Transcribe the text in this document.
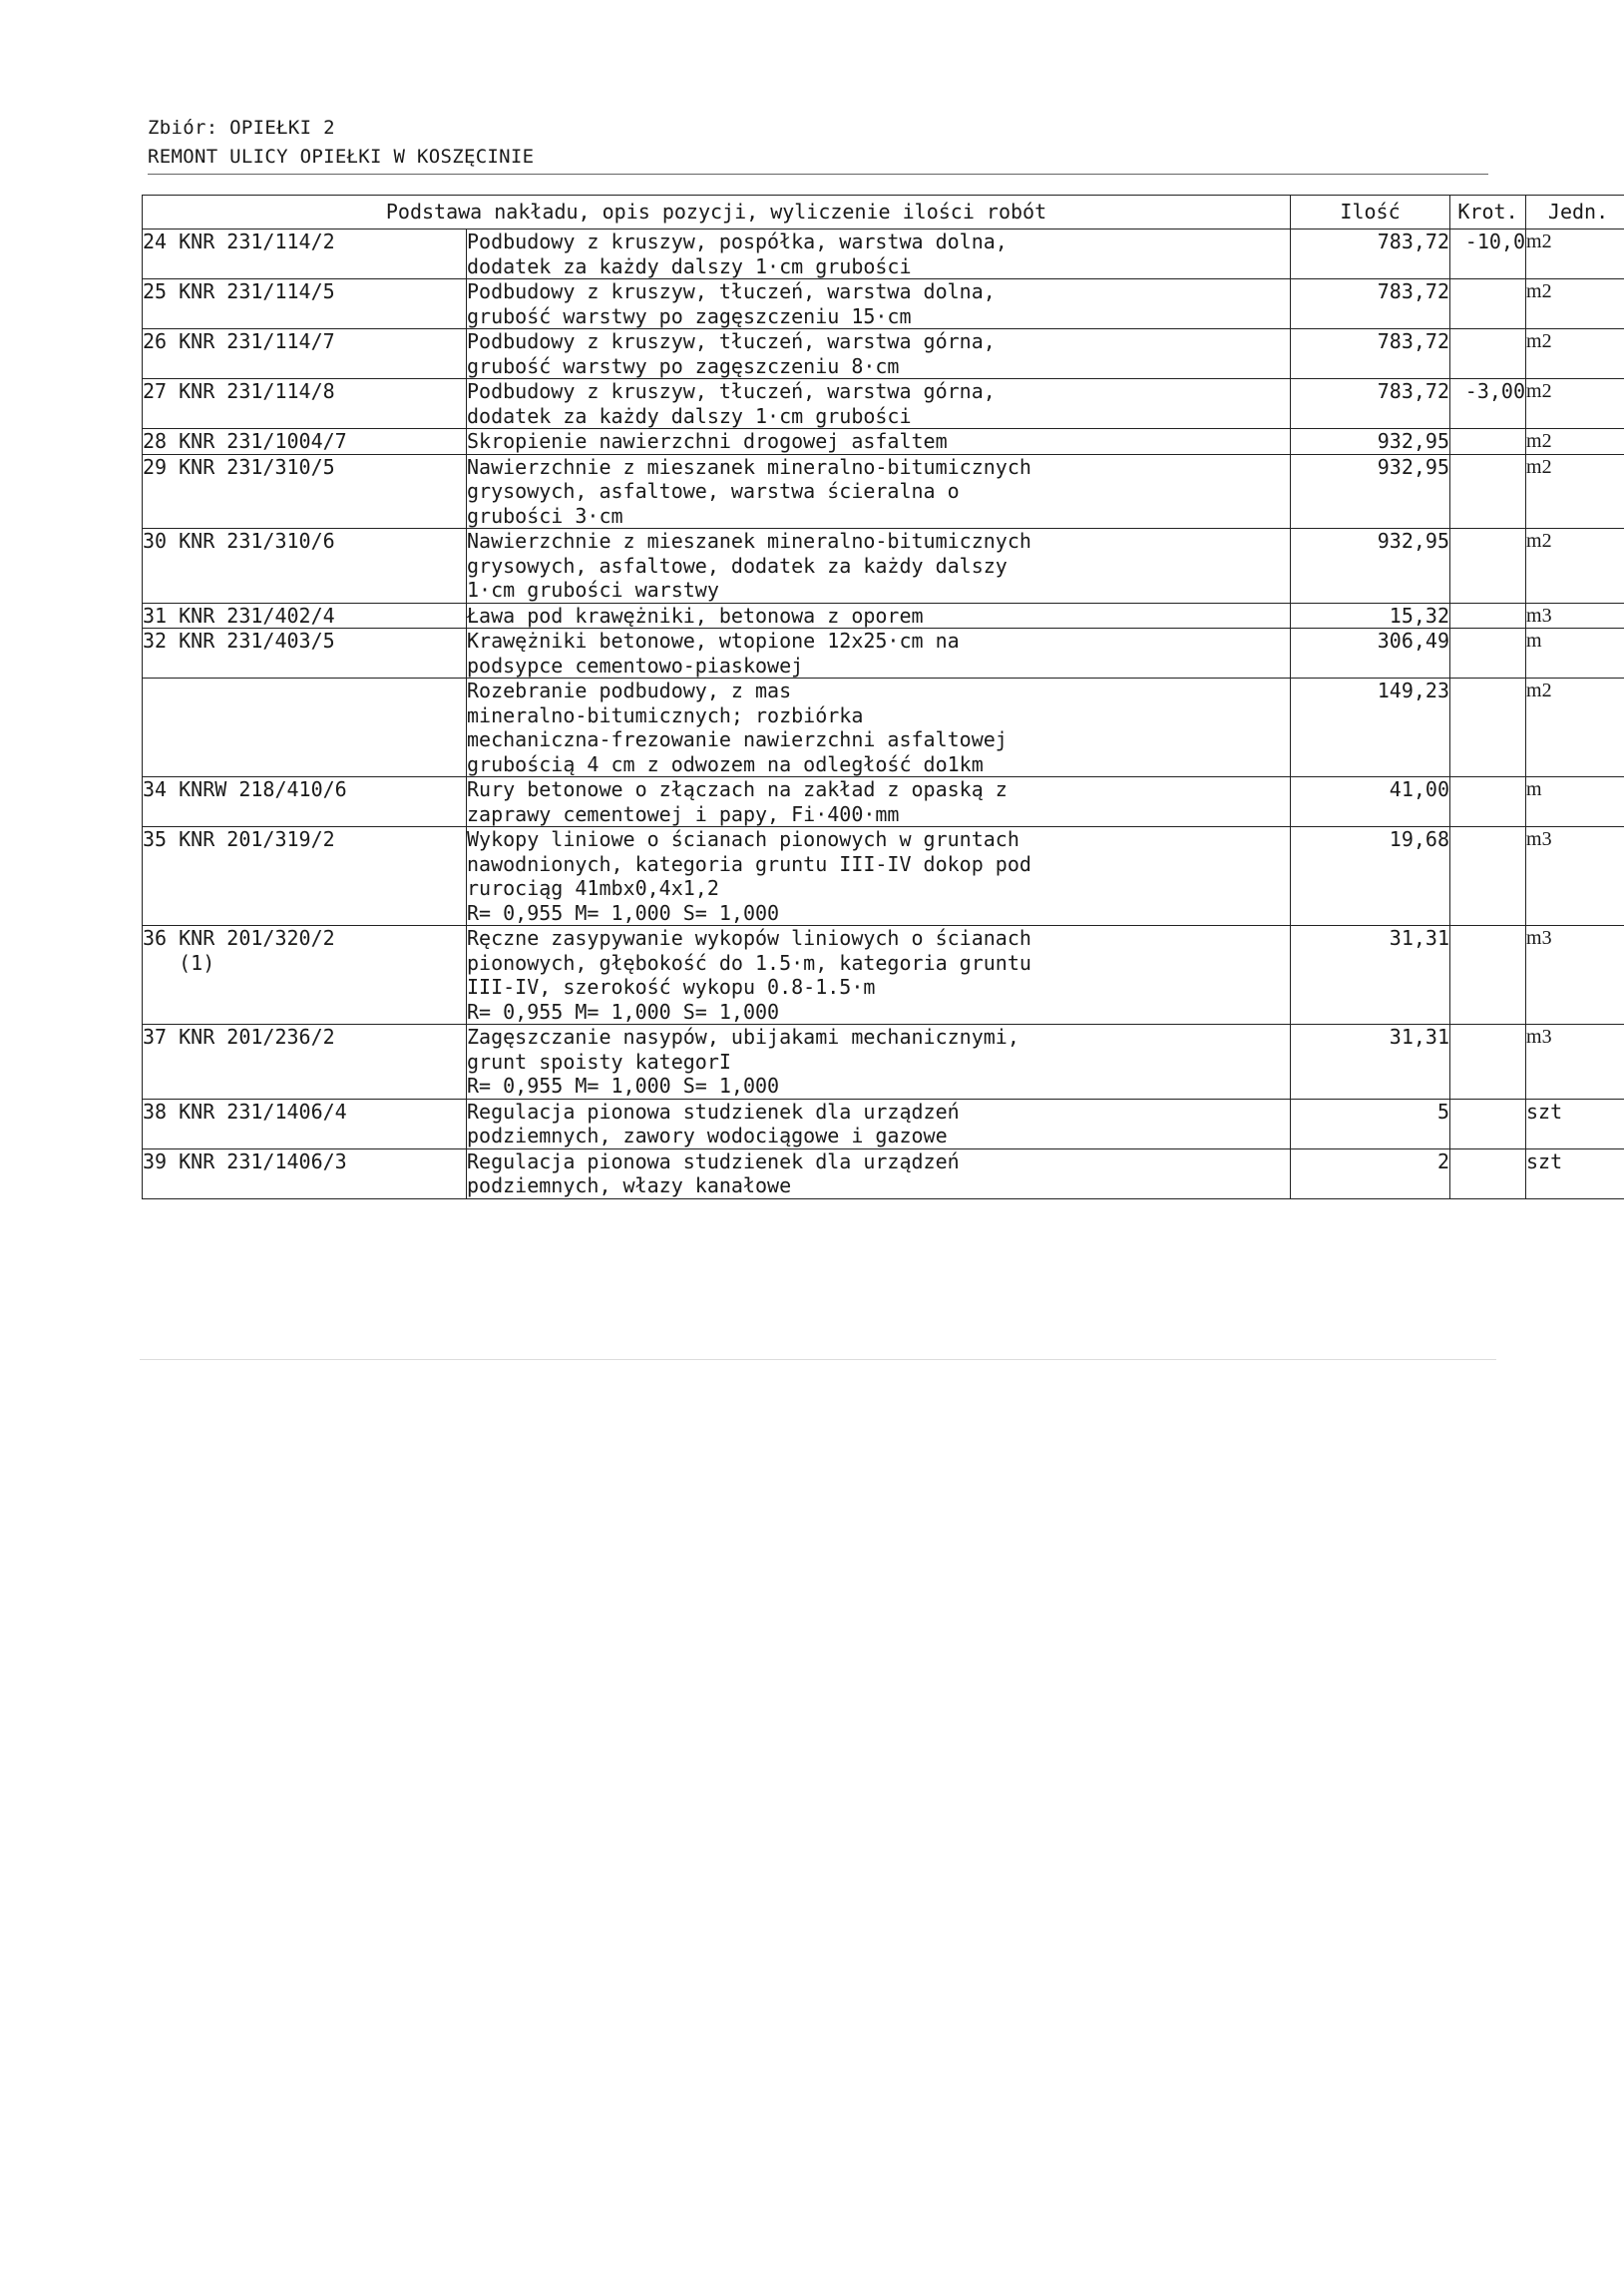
Zbiór: OPIEŁKI 2
REMONT ULICY OPIEŁKI W KOSZĘCINIE
Podstawa nakładu, opis pozycji, wyliczenie ilości robót		Ilość	Krot.	Jedn.
24 KNR 231/114/2	Podbudowy z kruszyw, pospółka, warstwa dolna,
dodatek za każdy dalszy 1·cm grubości	783,72	-10,0	m2
25 KNR 231/114/5	Podbudowy z kruszyw, tłuczeń, warstwa dolna,
grubość warstwy po zagęszczeniu 15·cm	783,72		m2
26 KNR 231/114/7	Podbudowy z kruszyw, tłuczeń, warstwa górna,
grubość warstwy po zagęszczeniu 8·cm	783,72		m2
27 KNR 231/114/8	Podbudowy z kruszyw, tłuczeń, warstwa górna,
dodatek za każdy dalszy 1·cm grubości	783,72	-3,00	m2
28 KNR 231/1004/7	Skropienie nawierzchni drogowej asfaltem	932,95		m2
29 KNR 231/310/5	Nawierzchnie z mieszanek mineralno-bitumicznych
grysowych, asfaltowe, warstwa ścieralna o
grubości 3·cm	932,95		m2
30 KNR 231/310/6	Nawierzchnie z mieszanek mineralno-bitumicznych
grysowych, asfaltowe, dodatek za każdy dalszy
1·cm grubości warstwy	932,95		m2
31 KNR 231/402/4	Ława pod krawężniki, betonowa z oporem	15,32		m3
32 KNR 231/403/5	Krawężniki betonowe, wtopione 12x25·cm na
podsypce cementowo-piaskowej	306,49		m
	Rozebranie podbudowy, z mas
mineralno-bitumicznych; rozbiórka
mechaniczna-frezowanie nawierzchni asfaltowej
grubością 4 cm z odwozem na odległość do1km	149,23		m2
34 KNRW 218/410/6	Rury betonowe o złączach na zakład z opaską z
zaprawy cementowej i papy, Fi·400·mm	41,00		m
35 KNR 201/319/2	Wykopy liniowe o ścianach pionowych w gruntach
nawodnionych, kategoria gruntu III-IV dokop pod
rurociąg 41mbx0,4x1,2
R= 0,955 M= 1,000 S= 1,000	19,68		m3
36 KNR 201/320/2
(1)	Ręczne zasypywanie wykopów liniowych o ścianach
pionowych, głębokość do 1.5·m, kategoria gruntu
III-IV, szerokość wykopu 0.8-1.5·m
R= 0,955 M= 1,000 S= 1,000	31,31		m3
37 KNR 201/236/2	Zagęszczanie nasypów, ubijakami mechanicznymi,
grunt spoisty kategorI
R= 0,955 M= 1,000 S= 1,000	31,31		m3
38 KNR 231/1406/4	Regulacja pionowa studzienek dla urządzeń
podziemnych, zawory wodociągowe i gazowe	5		szt
39 KNR 231/1406/3	Regulacja pionowa studzienek dla urządzeń
podziemnych, włazy kanałowe	2		szt
